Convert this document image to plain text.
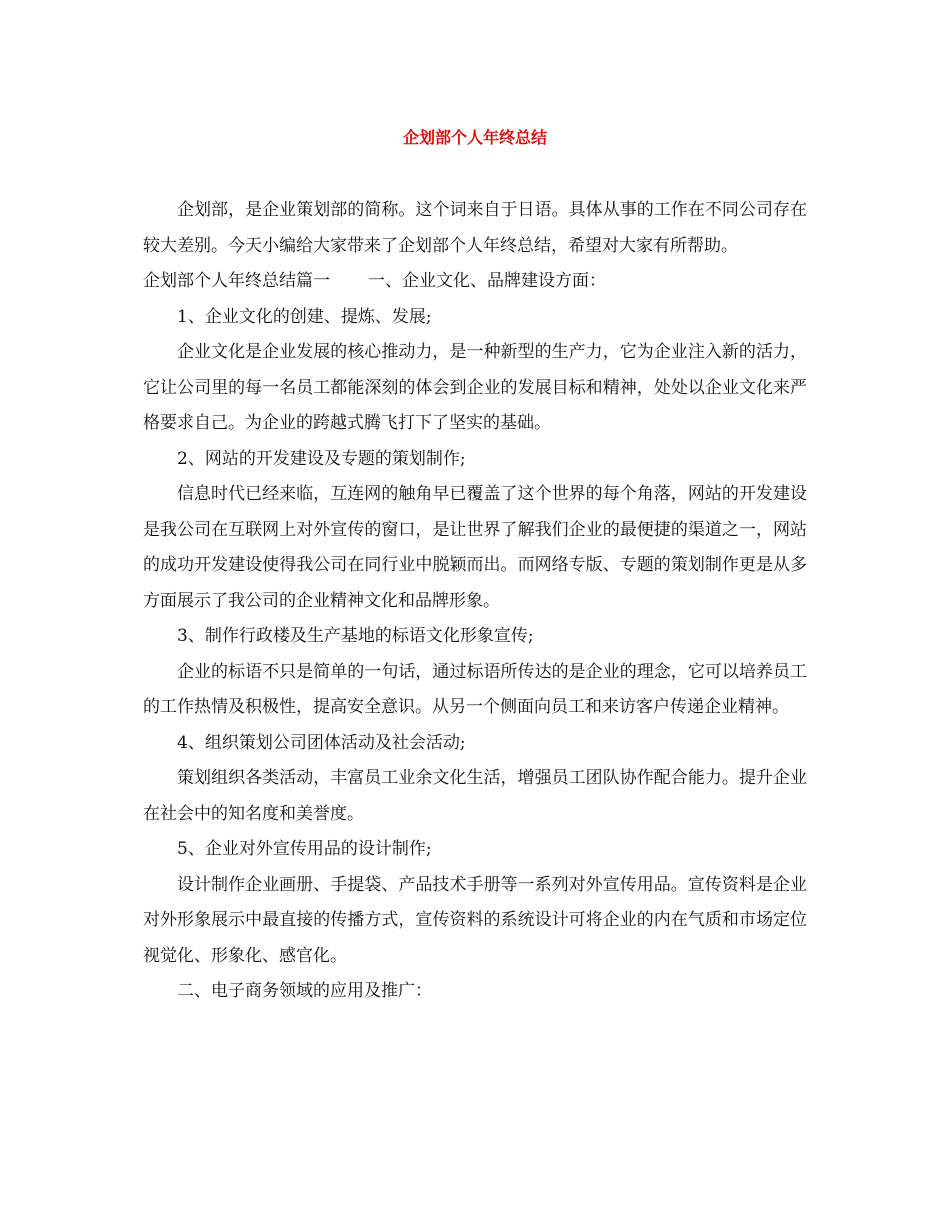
企划部个人年终总结

企划部，是企业策划部的简称。这个词来自于日语。具体从事的工作在不同公司存在较大差别。今天小编给大家带来了企划部个人年终总结，希望对大家有所帮助。

企划部个人年终总结篇一 一、企业文化、品牌建设方面：

1、企业文化的创建、提炼、发展;

企业文化是企业发展的核心推动力，是一种新型的生产力，它为企业注入新的活力，它让公司里的每一名员工都能深刻的体会到企业的发展目标和精神，处处以企业文化来严格要求自己。为企业的跨越式腾飞打下了坚实的基础。

2、网站的开发建设及专题的策划制作;

信息时代已经来临，互连网的触角早已覆盖了这个世界的每个角落，网站的开发建设是我公司在互联网上对外宣传的窗口，是让世界了解我们企业的最便捷的渠道之一，网站的成功开发建设使得我公司在同行业中脱颖而出。而网络专版、专题的策划制作更是从多方面展示了我公司的企业精神文化和品牌形象。

3、制作行政楼及生产基地的标语文化形象宣传;

企业的标语不只是简单的一句话，通过标语所传达的是企业的理念，它可以培养员工的工作热情及积极性，提高安全意识。从另一个侧面向员工和来访客户传递企业精神。

4、组织策划公司团体活动及社会活动;

策划组织各类活动，丰富员工业余文化生活，增强员工团队协作配合能力。提升企业在社会中的知名度和美誉度。

5、企业对外宣传用品的设计制作;

设计制作企业画册、手提袋、产品技术手册等一系列对外宣传用品。宣传资料是企业对外形象展示中最直接的传播方式，宣传资料的系统设计可将企业的内在气质和市场定位视觉化、形象化、感官化。

二、电子商务领域的应用及推广：
